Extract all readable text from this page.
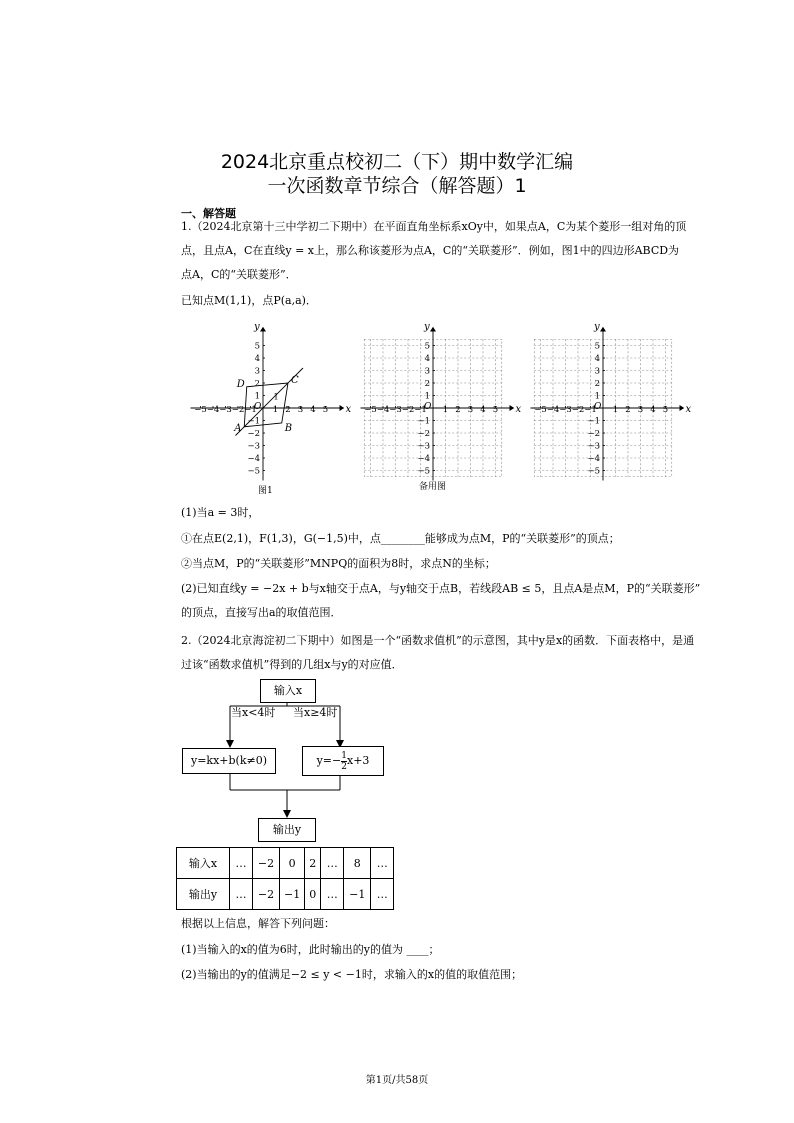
2024北京重点校初二（下）期中数学汇编
一次函数章节综合（解答题）1
一、解答题
1.（2024北京第十三中学初二下期中）在平面直角坐标系xOy中，如果点A，C为某个菱形一组对角的顶
点，且点A，C在直线y = x上，那么称该菱形为点A，C的“关联菱形”．例如，图1中的四边形ABCD为
点A，C的“关联菱形”．
已知点M(1,1)，点P(a,a)．
x
y
O
−5 −4 −3 −2 −1 1 2 3 4 5
5
4
3
2
1
−1
−2
−3
−4
−5
A	B
C
D
1
x
y
O
−5 −4 −3 −2 −1 1 2 3 4 5
5
4
3
2
1
−1
−2
−3
−4
−5
x
y
O
−5 −4 −3 −2 −1 1 2 3 4 5
5
4
3
2
1
−1
−2
−3
−4
−5
图1	备用图
(1)当a = 3时，
①在点E(2,1)，F(1,3)，G(−1,5)中，点________能够成为点M，P的“关联菱形”的顶点；
②当点M，P的“关联菱形”MNPQ的面积为8时，求点N的坐标；
(2)已知直线y = −2x + b与x轴交于点A，与y轴交于点B，若线段AB ≤ 5，且点A是点M，P的“关联菱形”
的顶点，直接写出a的取值范围．
2.（2024北京海淀初二下期中）如图是一个“函数求值机”的示意图，其中y是x的函数．下面表格中，是通
过该“函数求值机”得到的几组x与y的对应值．
输入x
当x<4时 当x≥4时
y=kx+b(k≠0)	$y=- \frac{1}{2} x+3$
输出y
输入x	…	−2	0	2	…	8	…
输出y	…	−2	−1	0	…	−1	…
根据以上信息，解答下列问题：
(1)当输入的x的值为6时，此时输出的y的值为 ____；
(2)当输出的y的值满足−2 ≤ y < −1时，求输入的x的值的取值范围；
第1页/共58页
